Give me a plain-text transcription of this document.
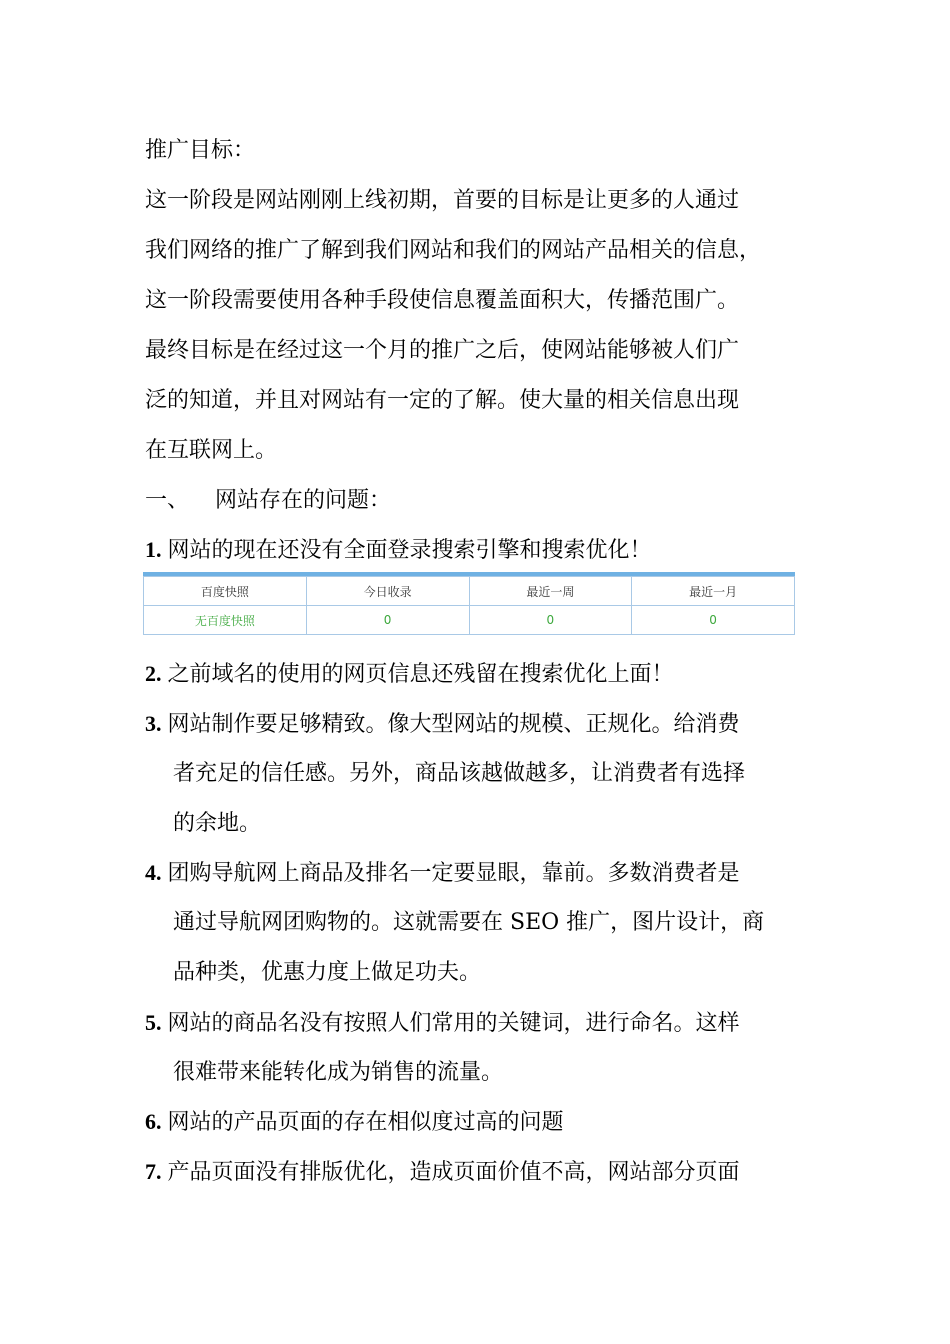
推广目标：
这一阶段是网站刚刚上线初期，首要的目标是让更多的人通过
我们网络的推广了解到我们网站和我们的网站产品相关的信息，
这一阶段需要使用各种手段使信息覆盖面积大，传播范围广。
最终目标是在经过这一个月的推广之后，使网站能够被人们广
泛的知道，并且对网站有一定的了解。使大量的相关信息出现
在互联网上。
一、 网站存在的问题：
1. 网站的现在还没有全面登录搜索引擎和搜索优化！
百度快照	今日收录	最近一周	最近一月
无百度快照	0	0	0
2. 之前域名的使用的网页信息还残留在搜索优化上面！
3. 网站制作要足够精致。像大型网站的规模、正规化。给消费
者充足的信任感。另外，商品该越做越多，让消费者有选择
的余地。
4. 团购导航网上商品及排名一定要显眼，靠前。多数消费者是
通过导航网团购物的。这就需要在 SEO 推广，图片设计，商
品种类，优惠力度上做足功夫。
5. 网站的商品名没有按照人们常用的关键词，进行命名。这样
很难带来能转化成为销售的流量。
6. 网站的产品页面的存在相似度过高的问题
7. 产品页面没有排版优化，造成页面价值不高，网站部分页面
